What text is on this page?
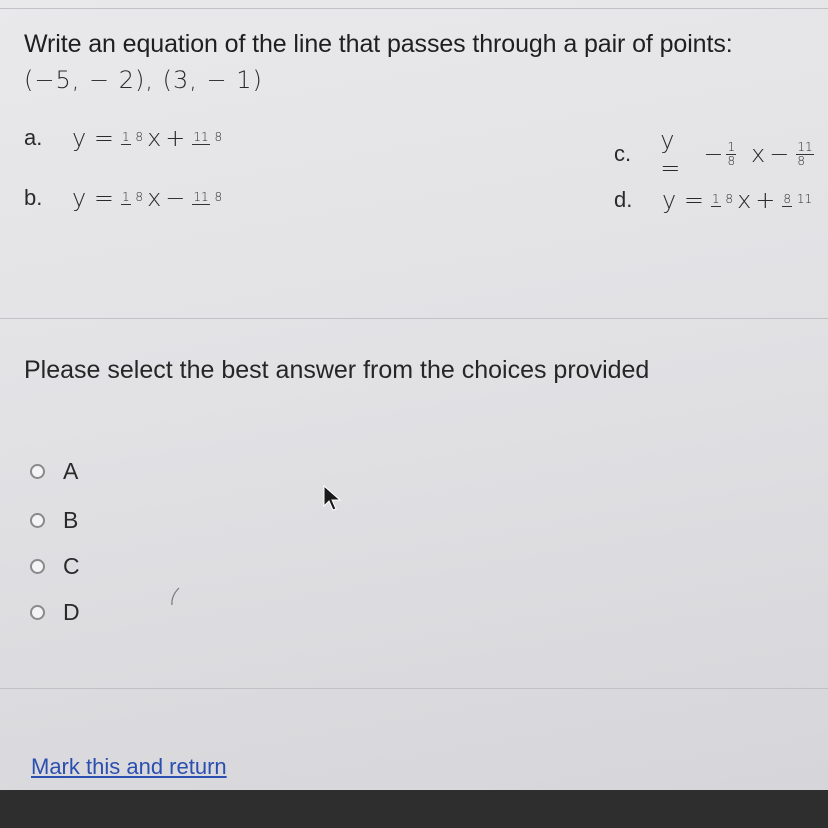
Write an equation of the line that passes through a pair of points:
(−5, − 2), (3, − 1)
a.	y = 1 8 x + 11 8
b.	y = 1 8 x − 11 8
c.	y = − $\frac{1}{8}$ $x - \frac{11}{8}$
d.	y = 1 8 x + 8 11
Please select the best answer from the choices provided
A
B
C
D
Mark this and return
